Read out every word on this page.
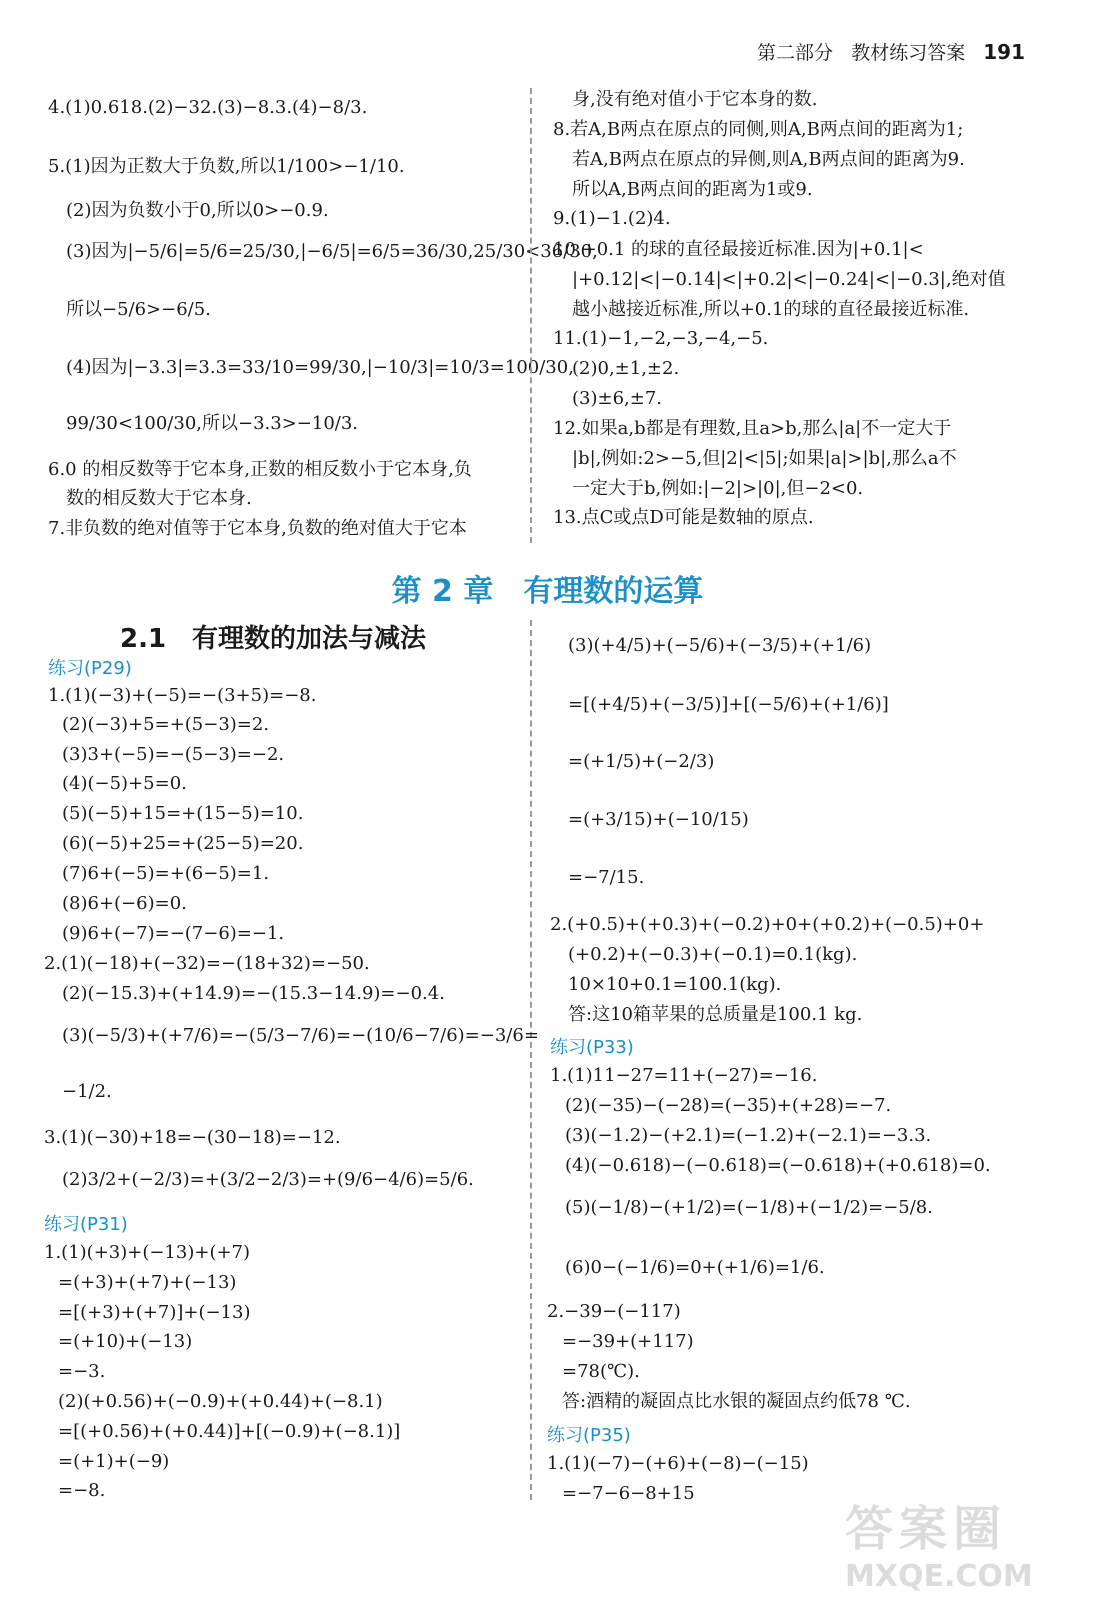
第二部分 教材练习答案 191
4.(1)0.618.(2)−32.(3)−8.3.(4)−8/3.
5.(1)因为正数大于负数,所以1/100>−1/10.
(2)因为负数小于0,所以0>−0.9.
(3)因为|−5/6|=5/6=25/30,|−6/5|=6/5=36/30,25/30<36/30,
所以−5/6>−6/5.
(4)因为|−3.3|=3.3=33/10=99/30,|−10/3|=10/3=100/30,
99/30<100/30,所以−3.3>−10/3.
6.0 的相反数等于它本身,正数的相反数小于它本身,负
数的相反数大于它本身.
7.非负数的绝对值等于它本身,负数的绝对值大于它本
身,没有绝对值小于它本身的数.
8.若A,B两点在原点的同侧,则A,B两点间的距离为1;
若A,B两点在原点的异侧,则A,B两点间的距离为9.
所以A,B两点间的距离为1或9.
9.(1)−1.(2)4.
10.+0.1 的球的直径最接近标准.因为|+0.1|<
|+0.12|<|−0.14|<|+0.2|<|−0.24|<|−0.3|,绝对值
越小越接近标准,所以+0.1的球的直径最接近标准.
11.(1)−1,−2,−3,−4,−5.
(2)0,±1,±2.
(3)±6,±7.
12.如果a,b都是有理数,且a>b,那么|a|不一定大于
|b|,例如:2>−5,但|2|<|5|;如果|a|>|b|,那么a不
一定大于b,例如:|−2|>|0|,但−2<0.
13.点C或点D可能是数轴的原点.
第 2 章　有理数的运算
2.1　有理数的加法与减法
练习(P29)
练习(P31)
练习(P33)
练习(P35)
1.(1)(−3)+(−5)=−(3+5)=−8.
(2)(−3)+5=+(5−3)=2.
(3)3+(−5)=−(5−3)=−2.
(4)(−5)+5=0.
(5)(−5)+15=+(15−5)=10.
(6)(−5)+25=+(25−5)=20.
(7)6+(−5)=+(6−5)=1.
(8)6+(−6)=0.
(9)6+(−7)=−(7−6)=−1.
2.(1)(−18)+(−32)=−(18+32)=−50.
(2)(−15.3)+(+14.9)=−(15.3−14.9)=−0.4.
(3)(−5/3)+(+7/6)=−(5/3−7/6)=−(10/6−7/6)=−3/6=
−1/2.
3.(1)(−30)+18=−(30−18)=−12.
(2)3/2+(−2/3)=+(3/2−2/3)=+(9/6−4/6)=5/6.
1.(1)(+3)+(−13)+(+7)
=(+3)+(+7)+(−13)
=[(+3)+(+7)]+(−13)
=(+10)+(−13)
=−3.
(2)(+0.56)+(−0.9)+(+0.44)+(−8.1)
=[(+0.56)+(+0.44)]+[(−0.9)+(−8.1)]
=(+1)+(−9)
=−8.
(3)(+4/5)+(−5/6)+(−3/5)+(+1/6)
=[(+4/5)+(−3/5)]+[(−5/6)+(+1/6)]
=(+1/5)+(−2/3)
=(+3/15)+(−10/15)
=−7/15.
2.(+0.5)+(+0.3)+(−0.2)+0+(+0.2)+(−0.5)+0+
(+0.2)+(−0.3)+(−0.1)=0.1(kg).
10×10+0.1=100.1(kg).
答:这10箱苹果的总质量是100.1 kg.
1.(1)11−27=11+(−27)=−16.
(2)(−35)−(−28)=(−35)+(+28)=−7.
(3)(−1.2)−(+2.1)=(−1.2)+(−2.1)=−3.3.
(4)(−0.618)−(−0.618)=(−0.618)+(+0.618)=0.
(5)(−1/8)−(+1/2)=(−1/8)+(−1/2)=−5/8.
(6)0−(−1/6)=0+(+1/6)=1/6.
2.−39−(−117)
=−39+(+117)
=78(℃).
答:酒精的凝固点比水银的凝固点约低78 ℃.
1.(1)(−7)−(+6)+(−8)−(−15)
=−7−6−8+15
答案圈
MXQE.COM
